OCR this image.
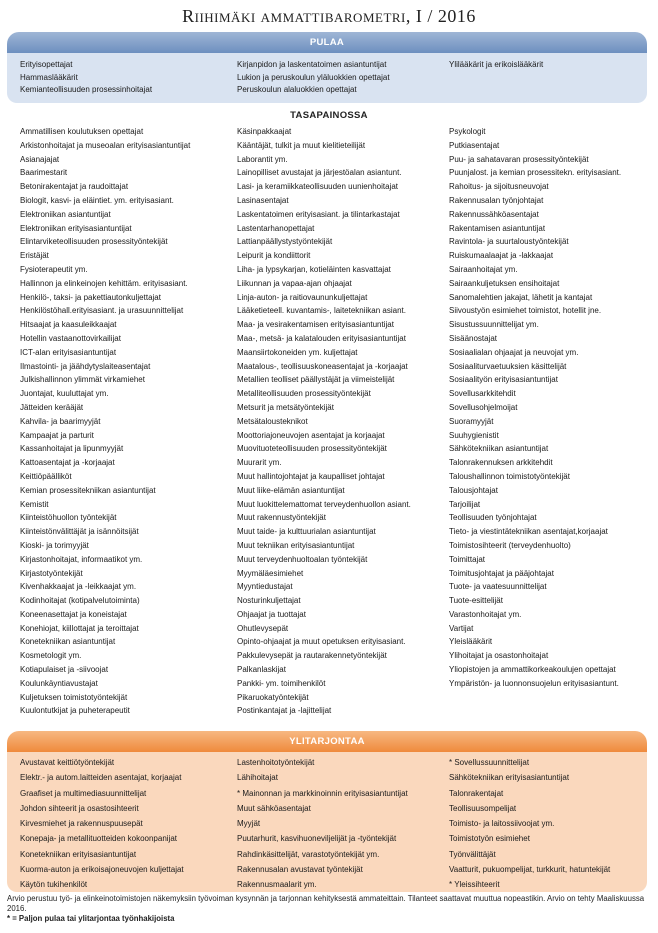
Riihimäki ammattibarometri, I / 2016
PULAA
Erityisopettajat
Hammaslääkärit
Kemianteollisuuden prosessinhoitajat
Kirjanpidon ja laskentatoimen asiantuntijat
Lukion ja peruskoulun yläluokkien opettajat
Peruskoulun alaluokkien opettajat
Ylilääkärit ja erikoislääkärit
TASAPAINOSSA
Ammatillisen koulutuksen opettajat
Arkistonhoitajat ja museoalan erityisasiantuntijat
Asianajajat
Baarimestarit
Betonirakentajat ja raudoittajat
Biologit, kasvi- ja eläintiet. ym. erityisasiant.
Elektroniikan asiantuntijat
Elektroniikan erityisasiantuntijat
Elintarviketeollisuuden prosessityöntekijät
Eristäjät
Fysioterapeutit ym.
Hallinnon ja elinkeinojen kehittäm. erityisasiant.
Henkilö-, taksi- ja pakettiautonkuljettajat
Henkilöstöhall.erityisasiant. ja urasuunnittelijat
Hitsaajat ja kaasuleikkaajat
Hotellin vastaanottovirkailijat
ICT-alan erityisasiantuntijat
Ilmastointi- ja jäähdytyslaiteasentajat
Julkishallinnon ylimmät virkamiehet
Juontajat, kuuluttajat ym.
Jätteiden kerääjät
Kahvila- ja baarimyyjät
Kampaajat ja parturit
Kassanhoitajat ja lipunmyyjät
Kattoasentajat ja -korjaajat
Keittiöpäälliköt
Kemian prosessitekniikan asiantuntijat
Kemistit
Kiinteistöhuollon työntekijät
Kiinteistönvälittäjät ja isännöitsijät
Kioski- ja torimyyjät
Kirjastonhoitajat, informaatikot ym.
Kirjastotyöntekijät
Kivenhakkaajat ja -leikkaajat ym.
Kodinhoitajat (kotipalvelutoiminta)
Koneenasettajat ja koneistajat
Konehiojat, kiillottajat ja teroittajat
Konetekniikan asiantuntijat
Kosmetologit ym.
Kotiapulaiset ja -siivoojat
Koulunkäyntiavustajat
Kuljetuksen toimistotyöntekijät
Kuulontutkijat ja puheterapeutit
Käsinpakkaajat
Kääntäjät, tulkit ja muut kielitieteilijät
Laborantit ym.
Lainopilliset avustajat ja järjestöalan asiantunt.
Lasi- ja keramiikkateollisuuden uunienhoitajat
Lasinasentajat
Laskentatoimen erityisasiant. ja tilintarkastajat
Lastentarhanopettajat
Lattianpäällystystyöntekijät
Leipurit ja kondiittorit
Liha- ja lypsykarjan, kotieläinten kasvattajat
Liikunnan ja vapaa-ajan ohjaajat
Linja-auton- ja raitiovaununkuljettajat
Lääketieteell. kuvantamis-, laitetekniikan asiant.
Maa- ja vesirakentamisen erityisasiantuntijat
Maa-, metsä- ja kalatalouden erityisasiantuntijat
Maansiirtokoneiden ym. kuljettajat
Maatalous-, teollisuuskoneasentajat ja -korjaajat
Metallien teolliset päällystäjät ja viimeistelijät
Metalliteollisuuden prosessityöntekijät
Metsurit ja metsätyöntekijät
Metsätalousteknikot
Moottoriajoneuvojen asentajat ja korjaajat
Muovituoteteollisuuden prosessityöntekijät
Muurarit ym.
Muut hallintojohtajat ja kaupalliset johtajat
Muut liike-elämän asiantuntijat
Muut luokittelemattomat terveydenhuollon asiant.
Muut rakennustyöntekijät
Muut taide- ja kulttuurialan asiantuntijat
Muut tekniikan erityisasiantuntijat
Muut terveydenhuoltoalan työntekijät
Myymäläesimiehet
Myyntiedustajat
Nosturinkuljettajat
Ohjaajat ja tuottajat
Ohutlevysepät
Opinto-ohjaajat ja muut opetuksen erityisasiant.
Pakkulevysepät ja rautarakennetyöntekijät
Palkanlaskijat
Pankki- ym. toimihenkilöt
Pikaruokatyöntekijät
Postinkantajat ja -lajittelijat
Psykologit
Putkiasentajat
Puu- ja sahatavaran prosessityöntekijät
Puunjalost. ja kemian prosessitekn. erityisasiant.
Rahoitus- ja sijoitusneuvojat
Rakennusalan työnjohtajat
Rakennussähköasentajat
Rakentamisen asiantuntijat
Ravintola- ja suurtaloustyöntekijät
Ruiskumaalaajat ja -lakkaajat
Sairaanhoitajat ym.
Sairaankuljetuksen ensihoitajat
Sanomalehtien jakajat, lähetit ja kantajat
Siivoustyön esimiehet toimistot, hotellit jne.
Sisustussuunnittelijat ym.
Sisäänostajat
Sosiaalialan ohjaajat ja neuvojat ym.
Sosiaaliturvaetuuksien käsittelijät
Sosiaalityön erityisasiantuntijat
Sovellusarkkitehdit
Sovellusohjelmoijat
Suoramyyjät
Suuhygienistit
Sähkötekniikan asiantuntijat
Talonrakennuksen arkkitehdit
Taloushallinnon toimistotyöntekijät
Talousjohtajat
Tarjoilijat
Teollisuuden työnjohtajat
Tieto- ja viestintätekniikan asentajat,korjaajat
Toimistosihteerit (terveydenhuolto)
Toimittajat
Toimitusjohtajat ja pääjohtajat
Tuote- ja vaatesuunnittelijat
Tuote-esittelijät
Varastonhoitajat ym.
Vartijat
Yleislääkärit
Ylihoitajat ja osastonhoitajat
Yliopistojen ja ammattikorkeakoulujen opettajat
Ympäristön- ja luonnonsuojelun erityisasiantunt.
YLITARJONTAA
Avustavat keittiötyöntekijät
Elektr.- ja autom.laitteiden asentajat, korjaajat
Graafiset ja multimediasuunnittelijat
Johdon sihteerit ja osastosihteerit
Kirvesmiehet ja rakennuspuusepät
Konepaja- ja metallituotteiden kokoonpanijat
Konetekniikan erityisasiantuntijat
Kuorma-auton ja erikoisajoneuvojen kuljettajat
Käytön tukihenkilöt
Lastenhoitotyöntekijät
Lähihoitajat
* Mainonnan ja markkinoinnin erityisasiantuntijat
Muut sähköasentajat
Myyjät
Puutarhurit, kasvihuoneviljelijät ja -työntekijät
Rahdinkäsittelijät, varastotyöntekijät ym.
Rakennusalan avustavat työntekijät
Rakennusmaalarit ym.
* Sovellussuunnittelijat
Sähkötekniikan erityisasiantuntijat
Talonrakentajat
Teollisuusompelijat
Toimisto- ja laitossiivoojat ym.
Toimistotyön esimiehet
Työnvälittäjät
Vaatturit, pukuompelijat, turkkurit, hatuntekijät
* Yleissihteerit
Arvio perustuu työ- ja elinkeinotoimistojen näkemyksiin työvoiman kysynnän ja tarjonnan kehityksestä ammateittain. Tilanteet saattavat muuttua nopeastikin. Arvio on tehty Maaliskuussa 2016.
* = Paljon pulaa tai ylitarjontaa työnhakijoista
